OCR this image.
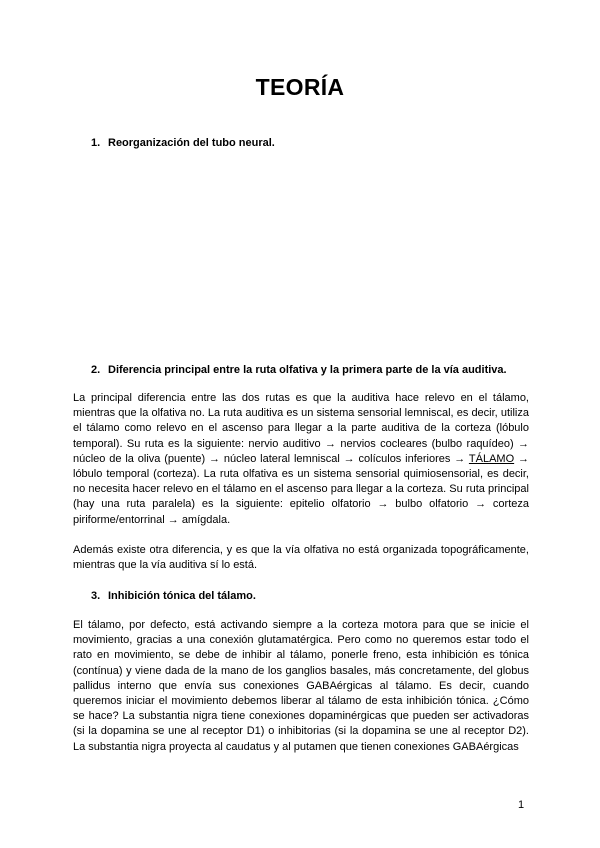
TEORÍA
1. Reorganización del tubo neural.
2. Diferencia principal entre la ruta olfativa y la primera parte de la vía auditiva.
La principal diferencia entre las dos rutas es que la auditiva hace relevo en el tálamo, mientras que la olfativa no. La ruta auditiva es un sistema sensorial lemniscal, es decir, utiliza el tálamo como relevo en el ascenso para llegar a la parte auditiva de la corteza (lóbulo temporal). Su ruta es la siguiente: nervio auditivo → nervios cocleares (bulbo raquídeo) → núcleo de la oliva (puente) → núcleo lateral lemniscal → colículos inferiores → TÁLAMO → lóbulo temporal (corteza). La ruta olfativa es un sistema sensorial quimiosensorial, es decir, no necesita hacer relevo en el tálamo en el ascenso para llegar a la corteza. Su ruta principal (hay una ruta paralela) es la siguiente: epitelio olfatorio → bulbo olfatorio → corteza piriforme/entorrinal → amígdala.
Además existe otra diferencia, y es que la vía olfativa no está organizada topográficamente, mientras que la vía auditiva sí lo está.
3. Inhibición tónica del tálamo.
El tálamo, por defecto, está activando siempre a la corteza motora para que se inicie el movimiento, gracias a una conexión glutamatérgica. Pero como no queremos estar todo el rato en movimiento, se debe de inhibir al tálamo, ponerle freno, esta inhibición es tónica (contínua) y viene dada de la mano de los ganglios basales, más concretamente, del globus pallidus interno que envía sus conexiones GABAérgicas al tálamo. Es decir, cuando queremos iniciar el movimiento debemos liberar al tálamo de esta inhibición tónica. ¿Cómo se hace? La substantia nigra tiene conexiones dopaminérgicas que pueden ser activadoras (si la dopamina se une al receptor D1) o inhibitorias (si la dopamina se une al receptor D2). La substantia nigra proyecta al caudatus y al putamen que tienen conexiones GABAérgicas
1
